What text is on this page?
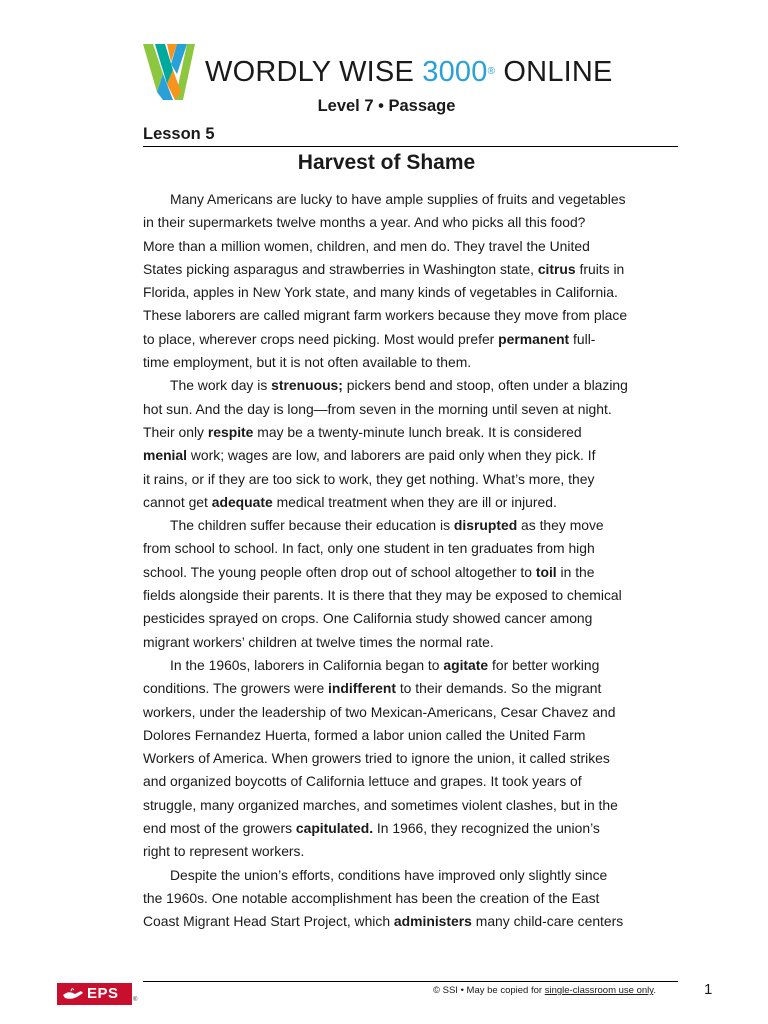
WORDLY WISE 3000® ONLINE
Level 7 • Passage
Lesson 5
Harvest of Shame
Many Americans are lucky to have ample supplies of fruits and vegetables
in their supermarkets twelve months a year. And who picks all this food?
More than a million women, children, and men do. They travel the United
States picking asparagus and strawberries in Washington state, citrus fruits in
Florida, apples in New York state, and many kinds of vegetables in California.
These laborers are called migrant farm workers because they move from place
to place, wherever crops need picking. Most would prefer permanent full-
time employment, but it is not often available to them.
The work day is strenuous; pickers bend and stoop, often under a blazing
hot sun. And the day is long—from seven in the morning until seven at night.
Their only respite may be a twenty-minute lunch break. It is considered
menial work; wages are low, and laborers are paid only when they pick. If
it rains, or if they are too sick to work, they get nothing. What’s more, they
cannot get adequate medical treatment when they are ill or injured.
The children suffer because their education is disrupted as they move
from school to school. In fact, only one student in ten graduates from high
school. The young people often drop out of school altogether to toil in the
fields alongside their parents. It is there that they may be exposed to chemical
pesticides sprayed on crops. One California study showed cancer among
migrant workers’ children at twelve times the normal rate.
In the 1960s, laborers in California began to agitate for better working
conditions. The growers were indifferent to their demands. So the migrant
workers, under the leadership of two Mexican-Americans, Cesar Chavez and
Dolores Fernandez Huerta, formed a labor union called the United Farm
Workers of America. When growers tried to ignore the union, it called strikes
and organized boycotts of California lettuce and grapes. It took years of
struggle, many organized marches, and sometimes violent clashes, but in the
end most of the growers capitulated. In 1966, they recognized the union’s
right to represent workers.
Despite the union’s efforts, conditions have improved only slightly since
the 1960s. One notable accomplishment has been the creation of the East
Coast Migrant Head Start Project, which administers many child-care centers
EPS	®
© SSI • May be copied for single-classroom use only.	1
